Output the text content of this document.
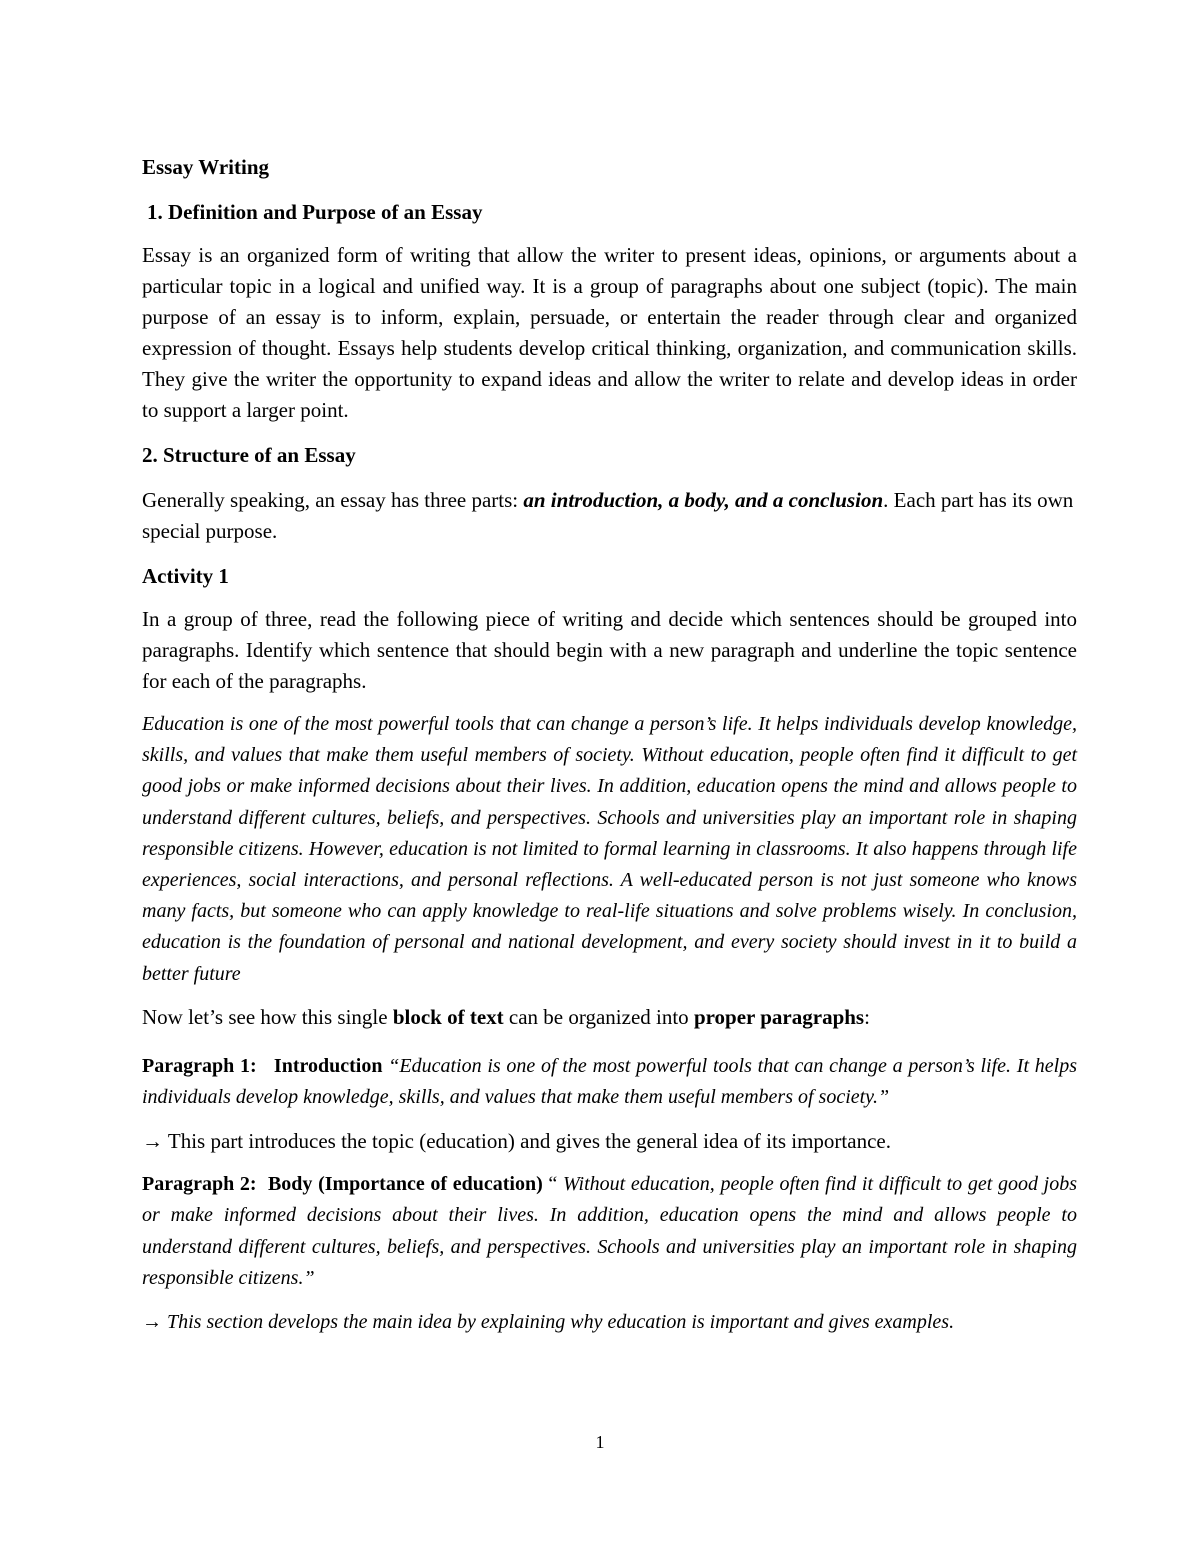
Essay Writing

1. Definition and Purpose of an Essay

Essay is an organized form of writing that allow the writer to present ideas, opinions, or arguments about a particular topic in a logical and unified way. It is a group of paragraphs about one subject (topic). The main purpose of an essay is to inform, explain, persuade, or entertain the reader through clear and organized expression of thought. Essays help students develop critical thinking, organization, and communication skills. They give the writer the opportunity to expand ideas and allow the writer to relate and develop ideas in order to support a larger point.

2. Structure of an Essay

Generally speaking, an essay has three parts: an introduction, a body, and a conclusion. Each part has its own special purpose.

Activity 1

In a group of three, read the following piece of writing and decide which sentences should be grouped into paragraphs. Identify which sentence that should begin with a new paragraph and underline the topic sentence for each of the paragraphs.

Education is one of the most powerful tools that can change a person’s life. It helps individuals develop knowledge, skills, and values that make them useful members of society. Without education, people often find it difficult to get good jobs or make informed decisions about their lives. In addition, education opens the mind and allows people to understand different cultures, beliefs, and perspectives. Schools and universities play an important role in shaping responsible citizens. However, education is not limited to formal learning in classrooms. It also happens through life experiences, social interactions, and personal reflections. A well-educated person is not just someone who knows many facts, but someone who can apply knowledge to real-life situations and solve problems wisely. In conclusion, education is the foundation of personal and national development, and every society should invest in it to build a better future

Now let’s see how this single block of text can be organized into proper paragraphs:

Paragraph 1: Introduction “Education is one of the most powerful tools that can change a person’s life. It helps individuals develop knowledge, skills, and values that make them useful members of society.”

→ This part introduces the topic (education) and gives the general idea of its importance.

Paragraph 2: Body (Importance of education) “ Without education, people often find it difficult to get good jobs or make informed decisions about their lives. In addition, education opens the mind and allows people to understand different cultures, beliefs, and perspectives. Schools and universities play an important role in shaping responsible citizens.”

→ This section develops the main idea by explaining why education is important and gives examples.

1
